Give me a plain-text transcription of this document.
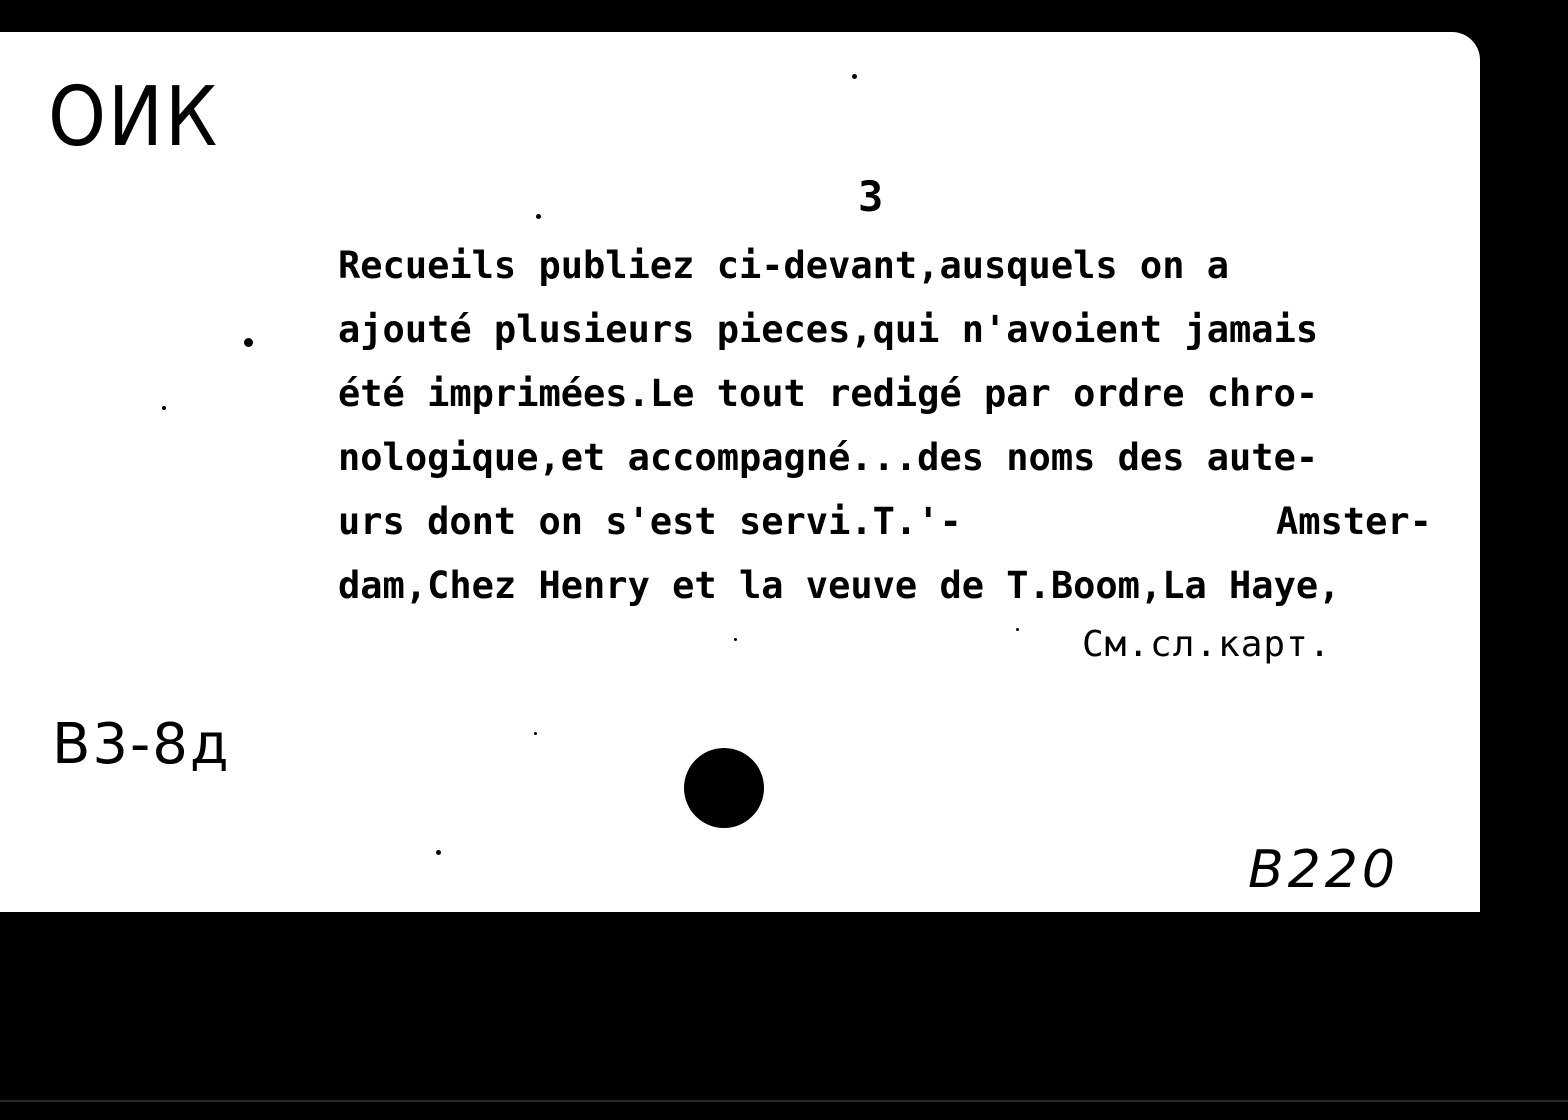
ОИК
3
Recueils publiez ci-devant,ausquels on a
ajouté plusieurs pieces,qui n'avoient jamais
été imprimées.Le tout redigé par ordre chro-
nologique,et accompagné...des noms des aute-
urs dont on s'est servi.T.'-	Amster-
dam,Chez Henry et la veuve de T.Boom,La Haye,
См.сл.карт.
В3-8д
В220
